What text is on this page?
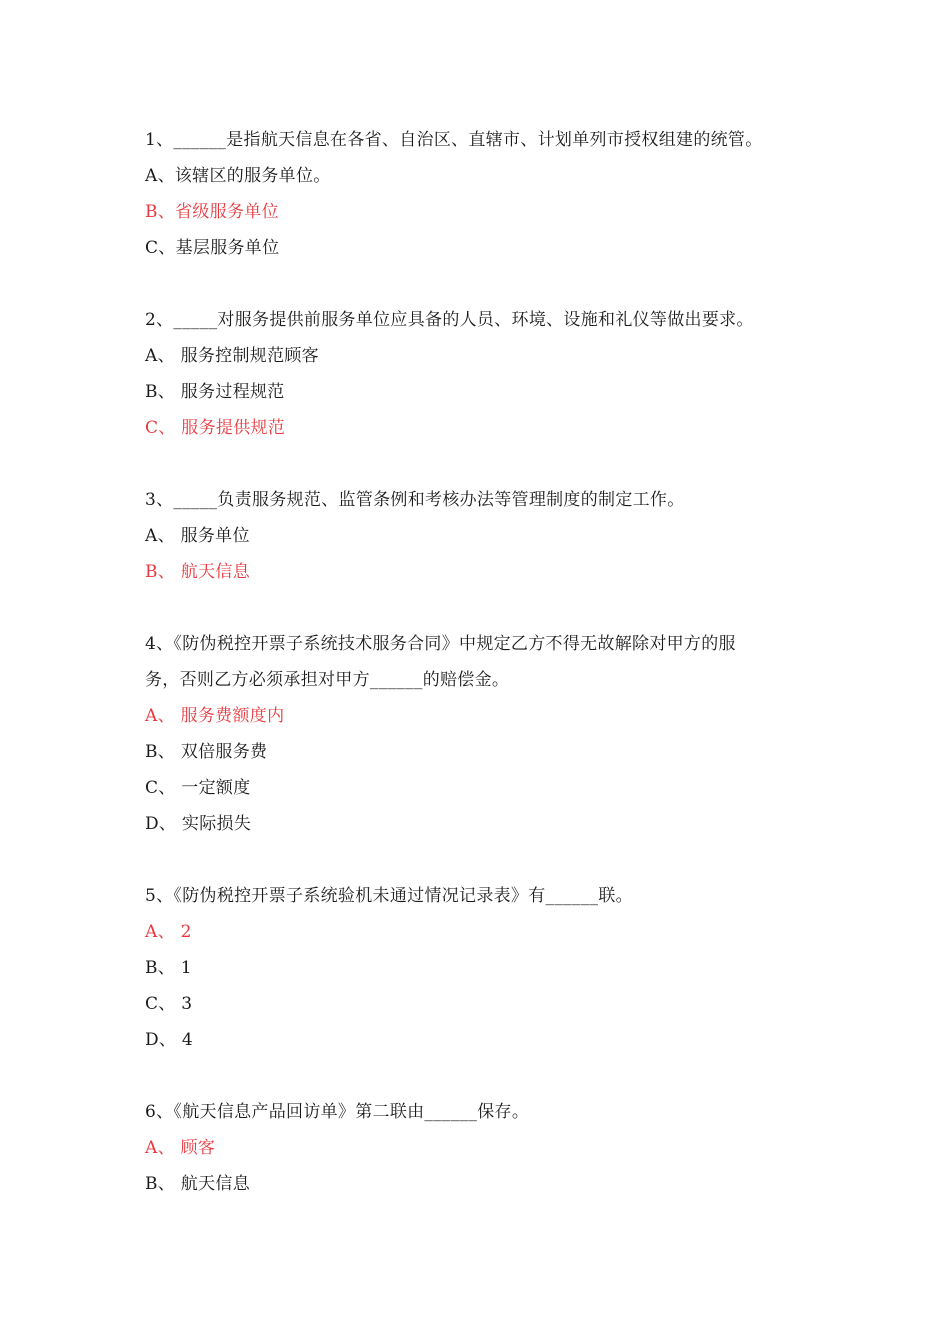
1、______是指航天信息在各省、自治区、直辖市、计划单列市授权组建的统管。
A、该辖区的服务单位。
B、省级服务单位
C、基层服务单位
2、_____对服务提供前服务单位应具备的人员、环境、设施和礼仪等做出要求。
A、 服务控制规范顾客
B、 服务过程规范
C、 服务提供规范
3、_____负责服务规范、监管条例和考核办法等管理制度的制定工作。
A、 服务单位
B、 航天信息
4、《防伪税控开票子系统技术服务合同》中规定乙方不得无故解除对甲方的服
务，否则乙方必须承担对甲方______的赔偿金。
A、 服务费额度内
B、 双倍服务费
C、 一定额度
D、 实际损失
5、《防伪税控开票子系统验机未通过情况记录表》有______联。
A、 2
B、 1
C、 3
D、 4
6、《航天信息产品回访单》第二联由______保存。
A、 顾客
B、 航天信息
